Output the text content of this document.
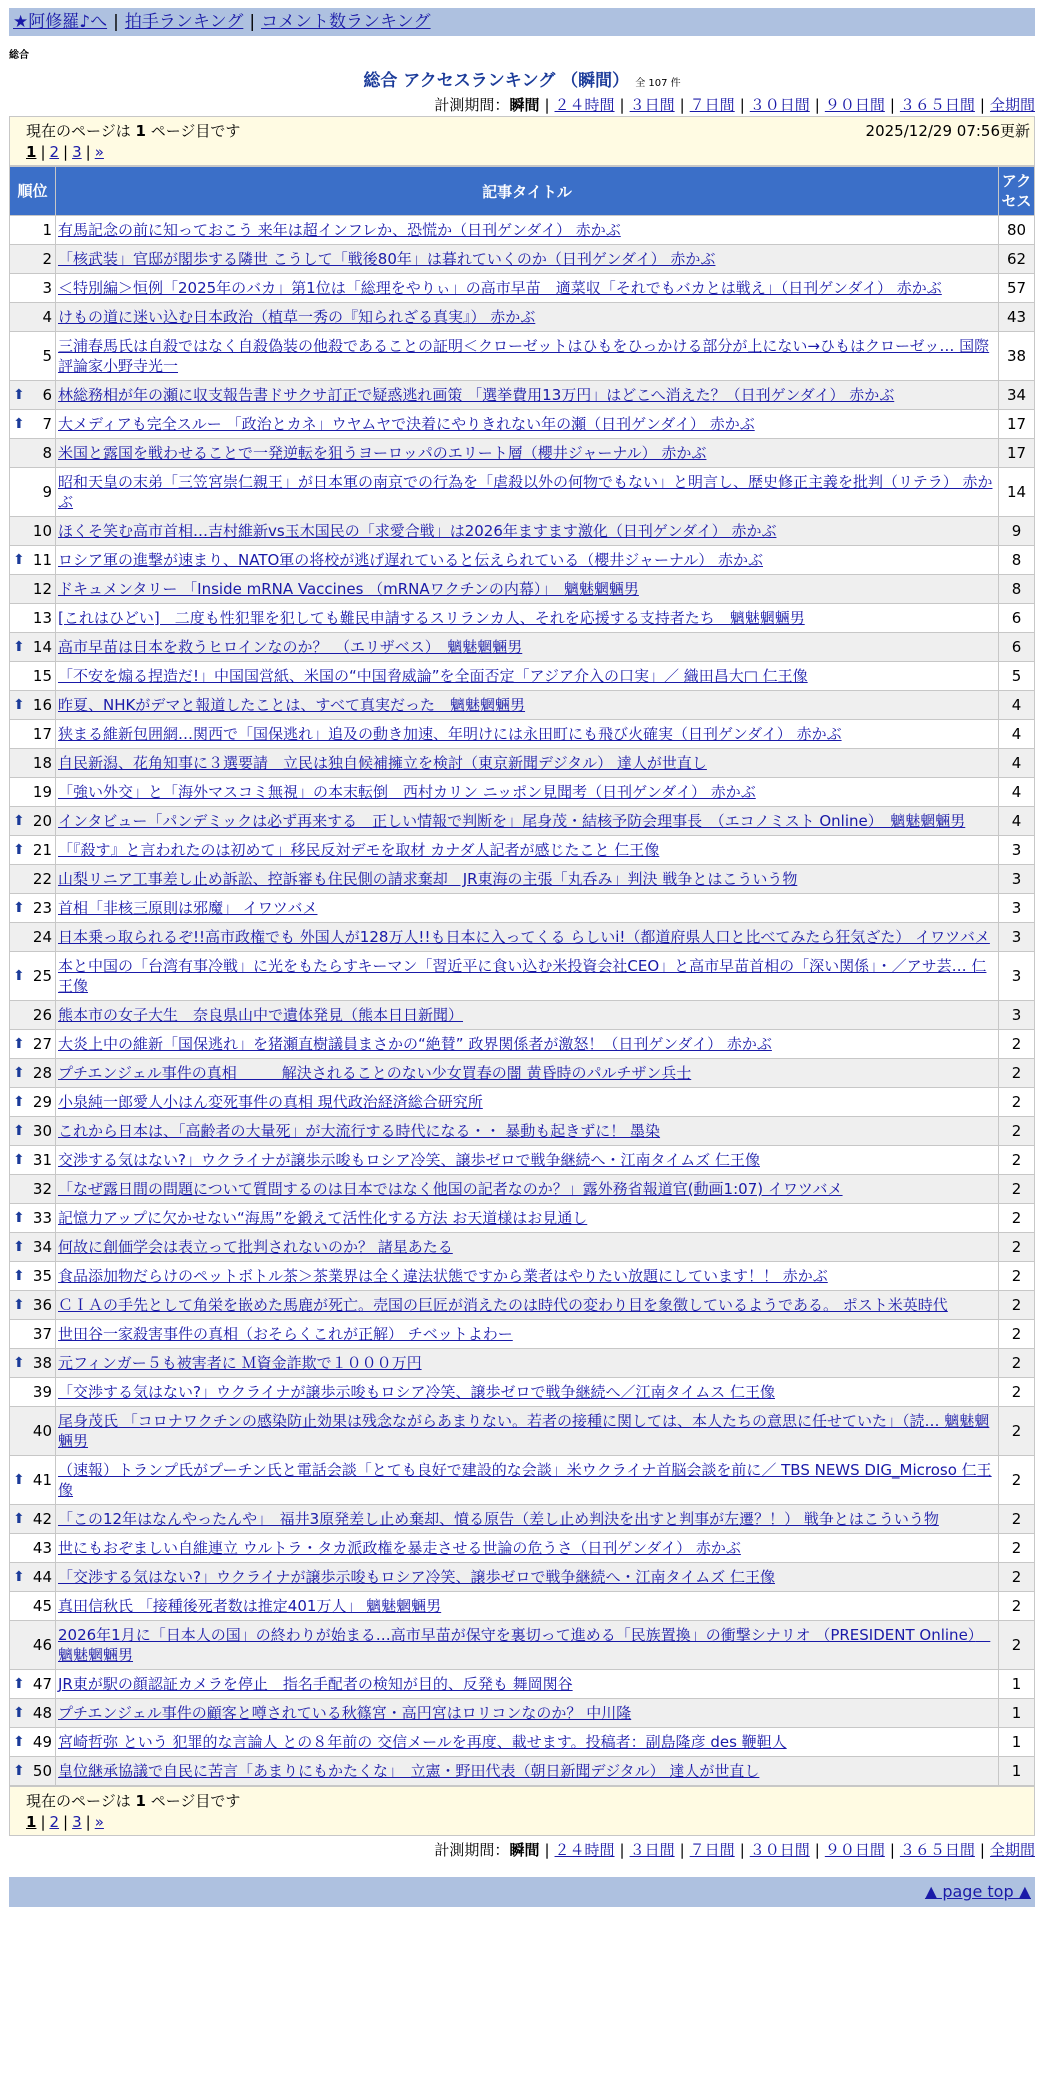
★阿修羅♪へ | 拍手ランキング | コメント数ランキング
総合
総合 アクセスランキング （瞬間） 全 107 件
計測期間：瞬間 | ２４時間 | ３日間 | ７日間 | ３０日間 | ９０日間 | ３６５日間 | 全期間
現在のページは 1 ページ目です	2025/12/29 07:56更新
1 | 2 | 3 | »
順位	記事タイトル	アクセス
1	有馬記念の前に知っておこう 来年は超インフレか、恐慌か（日刊ゲンダイ） 赤かぶ	80
2	「核武装」官邸が閣歩する隣世 こうして「戦後80年」は暮れていくのか（日刊ゲンダイ） 赤かぶ	62
3	＜特別編＞恒例「2025年のバカ」第1位は「総理をやりぃ」の高市早苗　適菜収「それでもバカとは戦え」（日刊ゲンダイ） 赤かぶ	57
4	けもの道に迷い込む日本政治（植草一秀の『知られざる真実』） 赤かぶ	43
5	三浦春馬氏は自殺ではなく自殺偽装の他殺であることの証明＜クローゼットはひもをひっかける部分が上にない→ひもはクローゼッ… 国際評論家小野寺光一	38

⬆ 6	林総務相が年の瀬に収支報告書ドサクサ訂正で疑惑逃れ画策 「選挙費用13万円」はどこへ消えた？（日刊ゲンダイ） 赤かぶ	34

⬆ 7	大メディアも完全スルー 「政治とカネ」ウヤムヤで決着にやりきれない年の瀬（日刊ゲンダイ） 赤かぶ	17
8	米国と露国を戦わせることで一発逆転を狙うヨーロッパのエリート層（櫻井ジャーナル） 赤かぶ	17
9	昭和天皇の末弟「三笠宮崇仁親王」が日本軍の南京での行為を「虐殺以外の何物でもない」と明言し、歴史修正主義を批判（リテラ） 赤かぶ	14
10	ほくそ笑む高市首相…吉村維新vs玉木国民の「求愛合戦」は2026年ますます激化（日刊ゲンダイ） 赤かぶ	9

⬆ 11	ロシア軍の進撃が速まり、NATO軍の将校が逃げ遅れていると伝えられている（櫻井ジャーナル） 赤かぶ	8
12	ドキュメンタリー 「Inside mRNA Vaccines （mRNAワクチンの内幕）」　魑魅魍魎男	8
13	[これはひどい]　二度も性犯罪を犯しても難民申請するスリランカ人、それを応援する支持者たち　魑魅魍魎男	6

⬆ 14	高市早苗は日本を救うヒロインなのか？　（エリザベス）　魑魅魍魎男	6
15	「不安を煽る捏造だ!」中国国営紙、米国の“中国脅威論”を全面否定「アジア介入の口実」／ 織田昌大□ 仁王像	5

⬆ 16	昨夏、NHKがデマと報道したことは、すべて真実だった　魑魅魍魎男	4
17	狭まる維新包囲網…関西で「国保逃れ」追及の動き加速、年明けには永田町にも飛び火確実（日刊ゲンダイ） 赤かぶ	4
18	自民新潟、花角知事に３選要請　立民は独自候補擁立を検討（東京新聞デジタル） 達人が世直し	4
19	「強い外交」と「海外マスコミ無視」の本末転倒　西村カリン ニッポン見聞考（日刊ゲンダイ） 赤かぶ	4

⬆ 20	インタビュー「パンデミックは必ず再来する　正しい情報で判断を」尾身茂・結核予防会理事長　（エコノミスト Online）　魑魅魍魎男	4

⬆ 21	「『殺す』と言われたのは初めて」移民反対デモを取材 カナダ人記者が感じたこと 仁王像	3
22	山梨リニア工事差し止め訴訟、控訴審も住民側の請求棄却　JR東海の主張「丸呑み」判決 戦争とはこういう物	3

⬆ 23	首相「非核三原則は邪魔」 イワツバメ	3
24	日本乗っ取られるぞ!!高市政権でも 外国人が128万人!!も日本に入ってくる らしいi!（都道府県人口と比べてみたら狂気ざた） イワツバメ	3

⬆ 25	本と中国の「台湾有事冷戦」に光をもたらすキーマン「習近平に食い込む米投資会社CEO」と高市早苗首相の「深い関係」・／アサ芸… 仁王像	3
26	熊本市の女子大生　奈良県山中で遺体発見（熊本日日新聞）	3

⬆ 27	大炎上中の維新「国保逃れ」を猪瀬直樹議員まさかの“絶賛” 政界関係者が激怒！（日刊ゲンダイ） 赤かぶ	2

⬆ 28	プチエンジェル事件の真相　　　解決されることのない少女買春の闇 黄昏時のパルチザン兵士	2

⬆ 29	小泉純一郎愛人小はん変死事件の真相 現代政治経済総合研究所	2

⬆ 30	これから日本は、「高齢者の大量死」が大流行する時代になる・・ 暴動も起きずに！ 墨染	2

⬆ 31	交渉する気はない?」ウクライナが譲歩示唆もロシア冷笑、譲歩ゼロで戦争継続へ・江南タイムズ 仁王像	2
32	「なぜ露日間の問題について質問するのは日本ではなく他国の記者なのか？」露外務省報道官(動画1:07) イワツバメ	2

⬆ 33	記憶力アップに欠かせない“海馬”を鍛えて活性化する方法 お天道様はお見通し	2

⬆ 34	何故に創価学会は表立って批判されないのか？ 諸星あたる	2

⬆ 35	食品添加物だらけのペットボトル茶＞茶業界は全く違法状態ですから業者はやりたい放題にしています！！ 赤かぶ	2

⬆ 36	ＣＩＡの手先として角栄を嵌めた馬鹿が死亡。売国の巨匠が消えたのは時代の変わり目を象徴しているようである。 ポスト米英時代	2
37	世田谷一家殺害事件の真相（おそらくこれが正解） チベットよわー	2

⬆ 38	元フィンガー５も被害者に Ｍ資金詐欺で１０００万円	2
39	「交渉する気はない?」ウクライナが譲歩示唆もロシア冷笑、譲歩ゼロで戦争継続へ／江南タイムス 仁王像	2
40	尾身茂氏 「コロナワクチンの感染防止効果は残念ながらあまりない。若者の接種に関しては、本人たちの意思に任せていた」（読… 魑魅魍魎男	2

⬆ 41	（速報）トランプ氏がプーチン氏と電話会談「とても良好で建設的な会談」米ウクライナ首脳会談を前に／ TBS NEWS DIG_Microso 仁王像	2

⬆ 42	「この12年はなんやったんや」　福井3原発差し止め棄却、憤る原告（差し止め判決を出すと判事が左遷？！） 戦争とはこういう物	2
43	世にもおぞましい自維連立 ウルトラ・タカ派政権を暴走させる世論の危うさ（日刊ゲンダイ） 赤かぶ	2

⬆ 44	「交渉する気はない?」ウクライナが譲歩示唆もロシア冷笑、譲歩ゼロで戦争継続へ・江南タイムズ 仁王像	2
45	真田信秋氏 「接種後死者数は推定401万人」 魑魅魍魎男	2
46	2026年1月に「日本人の国」の終わりが始まる…高市早苗が保守を裏切って進める「民族置換」の衝撃シナリオ （PRESIDENT Online）　魑魅魍魎男	2

⬆ 47	JR東が駅の顔認証カメラを停止　指名手配者の検知が目的、反発も 舞岡関谷	1

⬆ 48	プチエンジェル事件の顧客と噂されている秋篠宮・高円宮はロリコンなのか？ 中川隆	1

⬆ 49	宮崎哲弥 という 犯罪的な言論人 との８年前の 交信メールを再度、載せます。投稿者：副島隆彦 des 鞭靼人	1

⬆ 50	皇位継承協議で自民に苦言「あまりにもかたくな」　立憲・野田代表（朝日新聞デジタル） 達人が世直し	1
現在のページは 1 ページ目です
1 | 2 | 3 | »
計測期間：瞬間 | ２４時間 | ３日間 | ７日間 | ３０日間 | ９０日間 | ３６５日間 | 全期間
▲ page top ▲
